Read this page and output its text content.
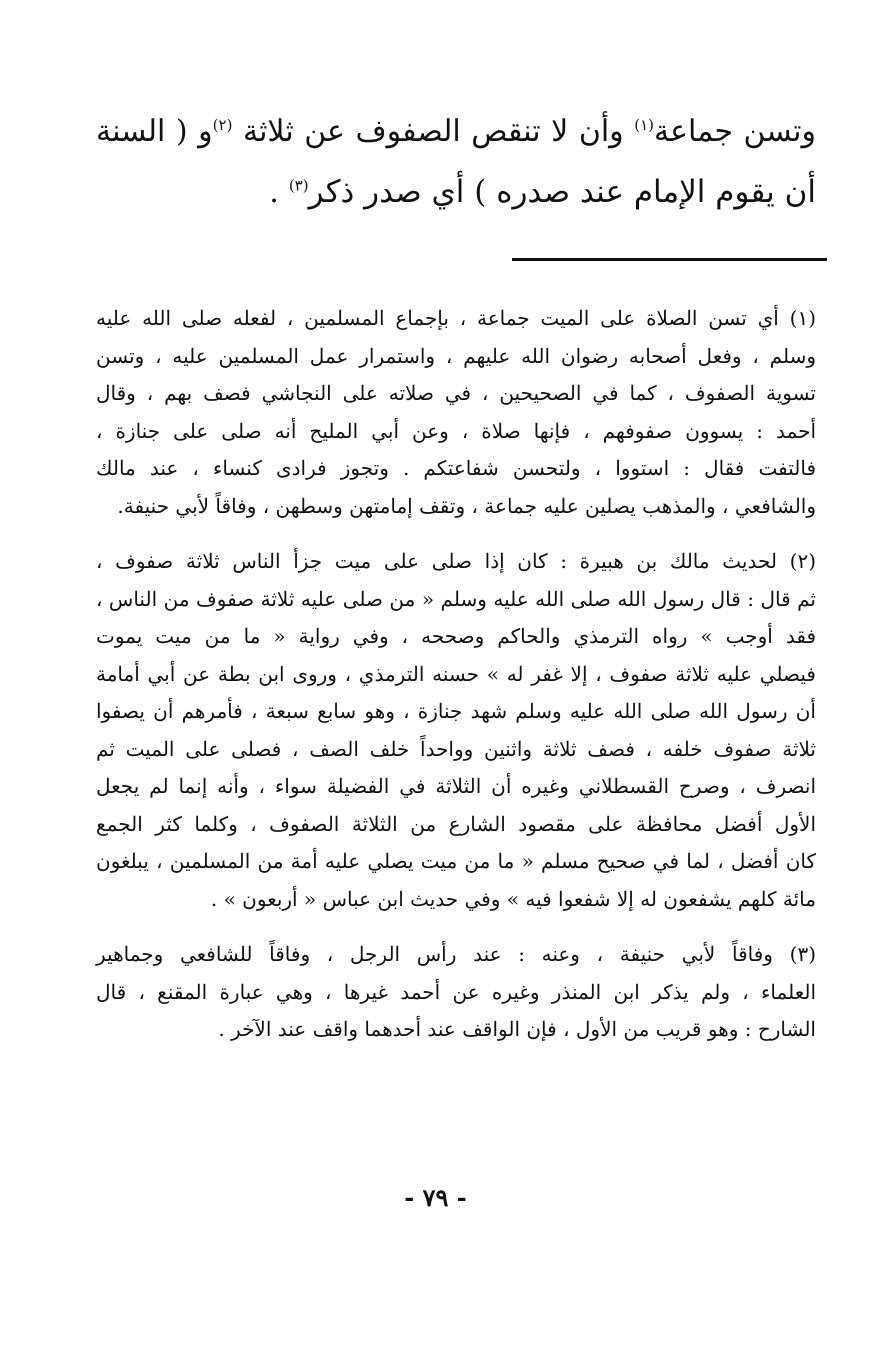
وتسن جماعة$^{(١)}$ وأن لا تنقص الصفوف عن ثلاثة $^{(٢)}$و ( السنة
أن يقوم الإمام عند صدره ) أي صدر ذكر$^{(٣)}$ .

(١) أي تسن الصلاة على الميت جماعة ، بإجماع المسلمين ، لفعله صلى الله عليه
وسلم ، وفعل أصحابه رضوان الله عليهم ، واستمرار عمل المسلمين عليه ، وتسن
تسوية الصفوف ، كما في الصحيحين ، في صلاته على النجاشي فصف بهم ، وقال
أحمد : يسوون صفوفهم ، فإنها صلاة ، وعن أبي المليح أنه صلى على جنازة ،
فالتفت فقال : استووا ، ولتحسن شفاعتكم . وتجوز فرادى كنساء ، عند مالك
والشافعي ، والمذهب يصلين عليه جماعة ، وتقف إمامتهن وسطهن ، وفاقاً لأبي حنيفة.

(٢) لحديث مالك بن هبيرة : كان إذا صلى على ميت جزأ الناس ثلاثة صفوف ،
ثم قال : قال رسول الله صلى الله عليه وسلم « من صلى عليه ثلاثة صفوف من الناس ،
فقد أوجب » رواه الترمذي والحاكم وصححه ، وفي رواية « ما من ميت يموت
فيصلي عليه ثلاثة صفوف ، إلا غفر له » حسنه الترمذي ، وروى ابن بطة عن أبي أمامة
أن رسول الله صلى الله عليه وسلم شهد جنازة ، وهو سابع سبعة ، فأمرهم أن يصفوا
ثلاثة صفوف خلفه ، فصف ثلاثة واثنين وواحداً خلف الصف ، فصلى على الميت ثم
انصرف ، وصرح القسطلاني وغيره أن الثلاثة في الفضيلة سواء ، وأنه إنما لم يجعل
الأول أفضل محافظة على مقصود الشارع من الثلاثة الصفوف ، وكلما كثر الجمع
كان أفضل ، لما في صحيح مسلم « ما من ميت يصلي عليه أمة من المسلمين ، يبلغون
مائة كلهم يشفعون له إلا شفعوا فيه » وفي حديث ابن عباس « أربعون » .

(٣) وفاقاً لأبي حنيفة ، وعنه : عند رأس الرجل ، وفاقاً للشافعي وجماهير
العلماء ، ولم يذكر ابن المنذر وغيره عن أحمد غيرها ، وهي عبارة المقنع ، قال
الشارح : وهو قريب من الأول ، فإن الواقف عند أحدهما واقف عند الآخر .

- ٧٩ -
